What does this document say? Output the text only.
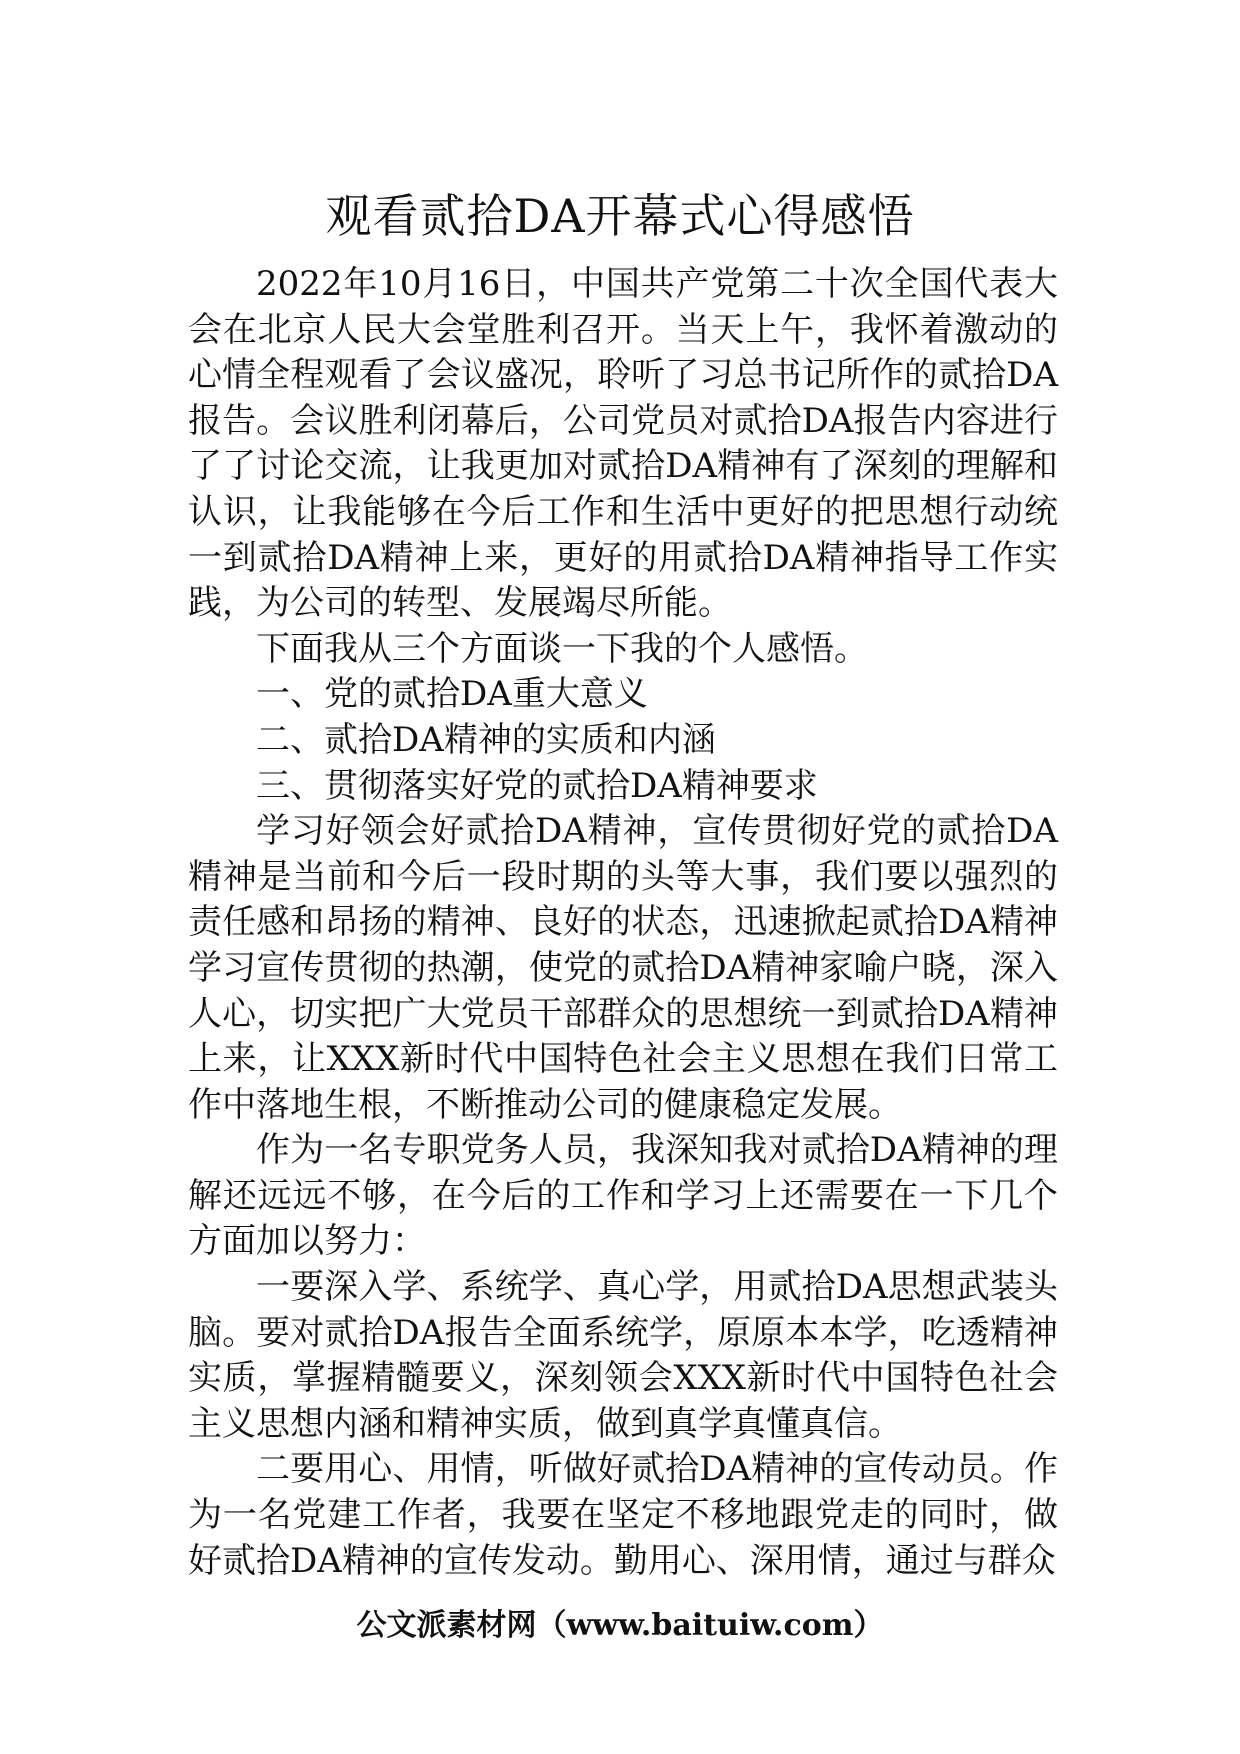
观看贰拾DA开幕式心得感悟

2022年10月16日，中国共产党第二十次全国代表大会在北京人民大会堂胜利召开。当天上午，我怀着激动的心情全程观看了会议盛况，聆听了习总书记所作的贰拾DA报告。会议胜利闭幕后，公司党员对贰拾DA报告内容进行了了讨论交流，让我更加对贰拾DA精神有了深刻的理解和认识，让我能够在今后工作和生活中更好的把思想行动统一到贰拾DA精神上来，更好的用贰拾DA精神指导工作实践，为公司的转型、发展竭尽所能。

下面我从三个方面谈一下我的个人感悟。

一、党的贰拾DA重大意义

二、贰拾DA精神的实质和内涵

三、贯彻落实好党的贰拾DA精神要求

学习好领会好贰拾DA精神，宣传贯彻好党的贰拾DA精神是当前和今后一段时期的头等大事，我们要以强烈的责任感和昂扬的精神、良好的状态，迅速掀起贰拾DA精神学习宣传贯彻的热潮，使党的贰拾DA精神家喻户晓，深入人心，切实把广大党员干部群众的思想统一到贰拾DA精神上来，让XXX新时代中国特色社会主义思想在我们日常工作中落地生根，不断推动公司的健康稳定发展。

作为一名专职党务人员，我深知我对贰拾DA精神的理解还远远不够，在今后的工作和学习上还需要在一下几个方面加以努力：

一要深入学、系统学、真心学，用贰拾DA思想武装头脑。要对贰拾DA报告全面系统学，原原本本学，吃透精神实质，掌握精髓要义，深刻领会XXX新时代中国特色社会主义思想内涵和精神实质，做到真学真懂真信。

二要用心、用情，听做好贰拾DA精神的宣传动员。作为一名党建工作者，我要在坚定不移地跟党走的同时，做好贰拾DA精神的宣传发动。勤用心、深用情，通过与群众

公文派素材网（www.baituiw.com）
